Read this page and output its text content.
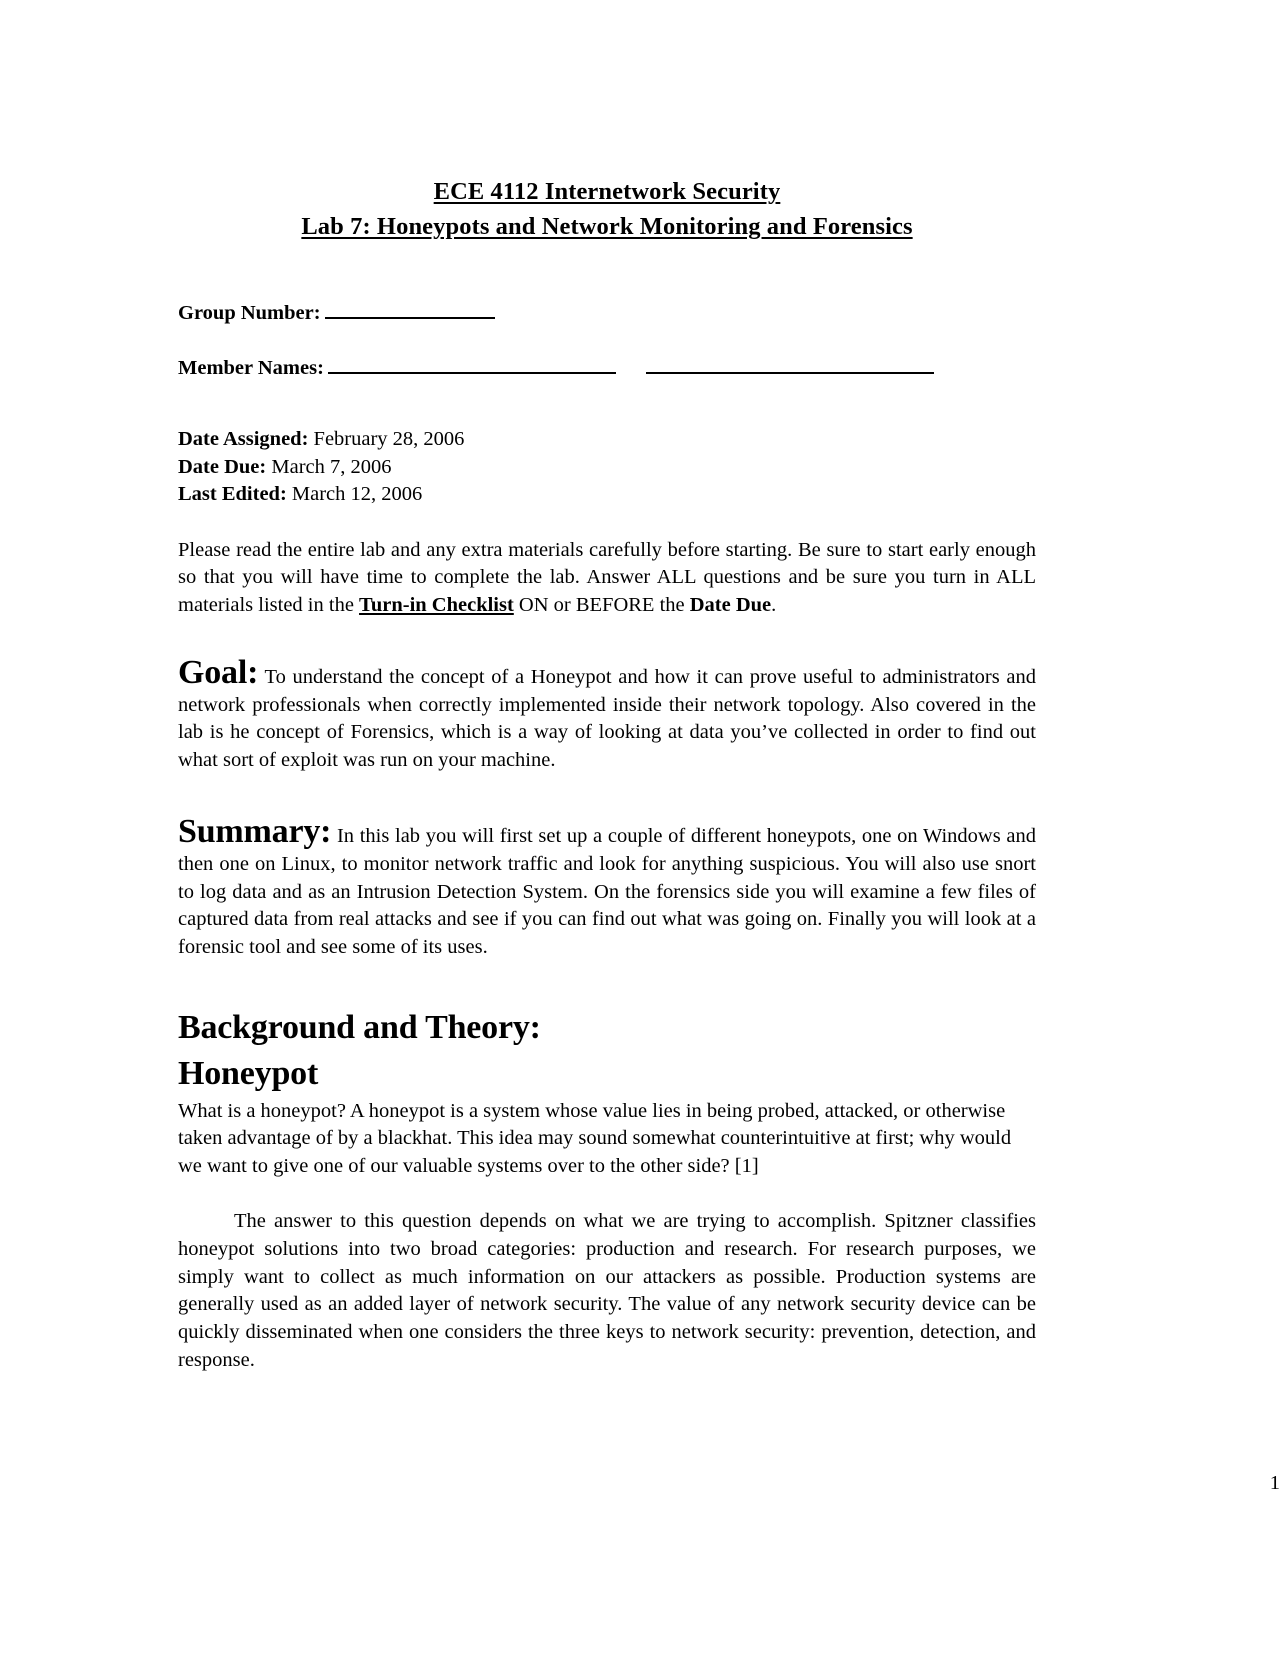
ECE 4112 Internetwork Security
Lab 7: Honeypots and Network Monitoring and Forensics

Group Number:

Member Names:

Date Assigned: February 28, 2006

Date Due: March 7, 2006

Last Edited: March 12, 2006

Please read the entire lab and any extra materials carefully before starting. Be sure to start early enough so that you will have time to complete the lab. Answer ALL questions and be sure you turn in ALL materials listed in the Turn-in Checklist ON or BEFORE the Date Due.

Goal: To understand the concept of a Honeypot and how it can prove useful to administrators and network professionals when correctly implemented inside their network topology. Also covered in the lab is he concept of Forensics, which is a way of looking at data you’ve collected in order to find out what sort of exploit was run on your machine.

Summary: In this lab you will first set up a couple of different honeypots, one on Windows and then one on Linux, to monitor network traffic and look for anything suspicious. You will also use snort to log data and as an Intrusion Detection System. On the forensics side you will examine a few files of captured data from real attacks and see if you can find out what was going on. Finally you will look at a forensic tool and see some of its uses.

Background and Theory:
Honeypot

What is a honeypot? A honeypot is a system whose value lies in being probed, attacked, or otherwise taken advantage of by a blackhat. This idea may sound somewhat counterintuitive at first; why would we want to give one of our valuable systems over to the other side? [1]

The answer to this question depends on what we are trying to accomplish. Spitzner classifies honeypot solutions into two broad categories: production and research. For research purposes, we simply want to collect as much information on our attackers as possible. Production systems are generally used as an added layer of network security. The value of any network security device can be quickly disseminated when one considers the three keys to network security: prevention, detection, and response.

1
